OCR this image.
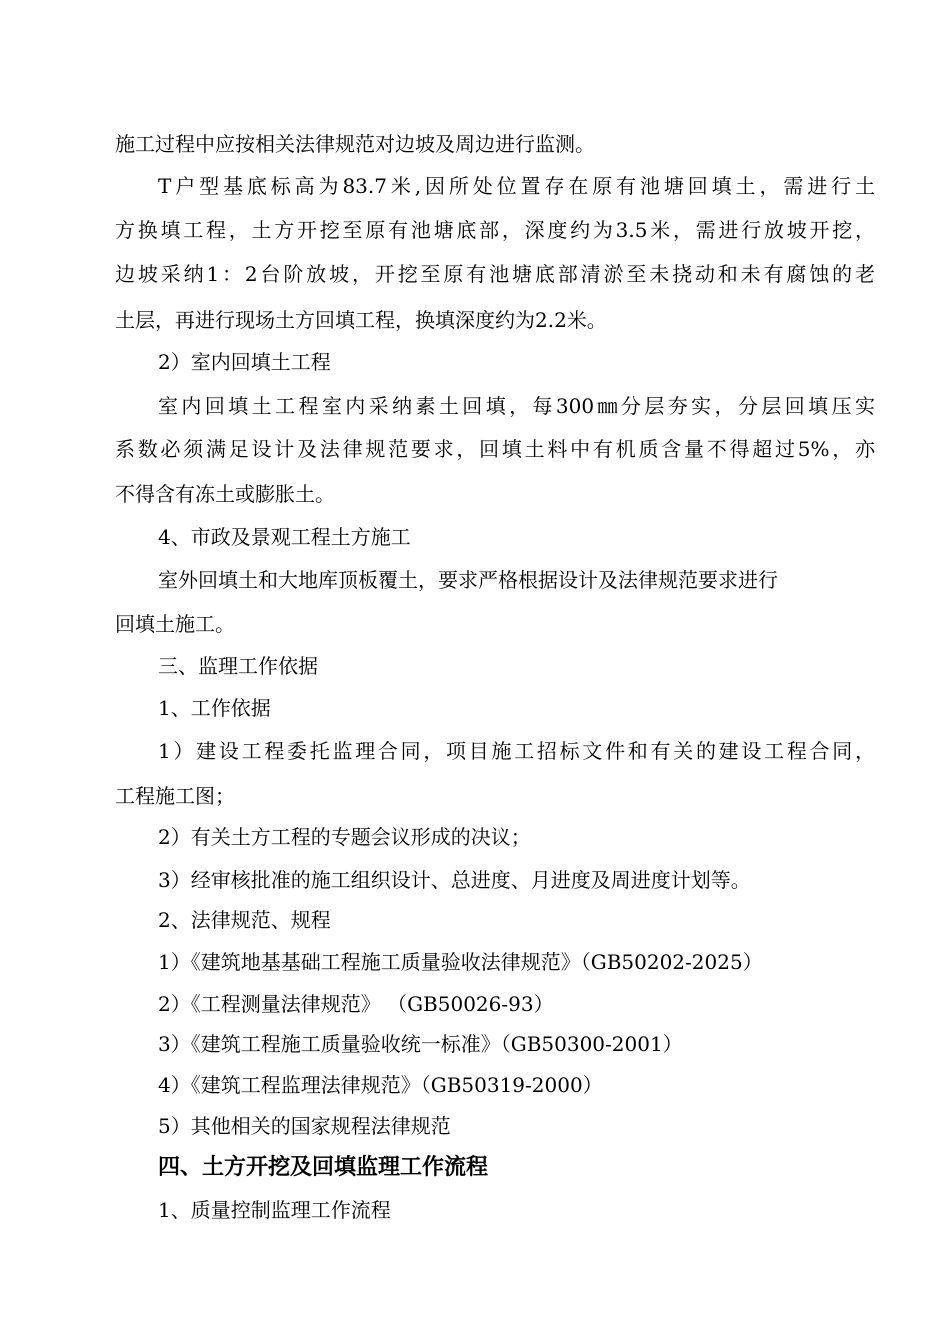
施工过程中应按相关法律规范对边坡及周边进行监测。

T户型基底标高为83.7米,因所处位置存在原有池塘回填土，需进行土

方换填工程，土方开挖至原有池塘底部，深度约为3.5米，需进行放坡开挖，

边坡采纳1：2台阶放坡，开挖至原有池塘底部清淤至未挠动和未有腐蚀的老

土层，再进行现场土方回填工程，换填深度约为2.2米。

2）室内回填土工程

室内回填土工程室内采纳素土回填，每300㎜分层夯实，分层回填压实

系数必须满足设计及法律规范要求，回填土料中有机质含量不得超过5%，亦

不得含有冻土或膨胀土。

4、市政及景观工程土方施工

室外回填土和大地库顶板覆土，要求严格根据设计及法律规范要求进行

回填土施工。

三、监理工作依据

1、工作依据

1）建设工程委托监理合同，项目施工招标文件和有关的建设工程合同，

工程施工图；

2）有关土方工程的专题会议形成的决议；

3）经审核批准的施工组织设计、总进度、月进度及周进度计划等。

2、法律规范、规程

1）《建筑地基基础工程施工质量验收法律规范》（GB50202-2025）

2）《工程测量法律规范》 （GB50026-93）

3）《建筑工程施工质量验收统一标准》（GB50300-2001）

4）《建筑工程监理法律规范》（GB50319-2000）

5）其他相关的国家规程法律规范

四、土方开挖及回填监理工作流程

1、质量控制监理工作流程
